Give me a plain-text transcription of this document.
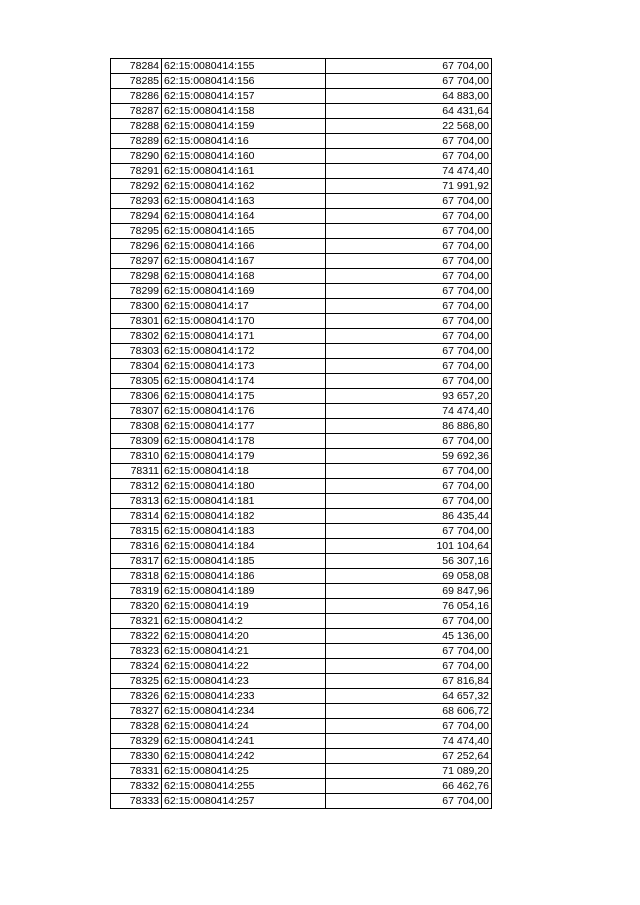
78284	62:15:0080414:155	67 704,00
78285	62:15:0080414:156	67 704,00
78286	62:15:0080414:157	64 883,00
78287	62:15:0080414:158	64 431,64
78288	62:15:0080414:159	22 568,00
78289	62:15:0080414:16	67 704,00
78290	62:15:0080414:160	67 704,00
78291	62:15:0080414:161	74 474,40
78292	62:15:0080414:162	71 991,92
78293	62:15:0080414:163	67 704,00
78294	62:15:0080414:164	67 704,00
78295	62:15:0080414:165	67 704,00
78296	62:15:0080414:166	67 704,00
78297	62:15:0080414:167	67 704,00
78298	62:15:0080414:168	67 704,00
78299	62:15:0080414:169	67 704,00
78300	62:15:0080414:17	67 704,00
78301	62:15:0080414:170	67 704,00
78302	62:15:0080414:171	67 704,00
78303	62:15:0080414:172	67 704,00
78304	62:15:0080414:173	67 704,00
78305	62:15:0080414:174	67 704,00
78306	62:15:0080414:175	93 657,20
78307	62:15:0080414:176	74 474,40
78308	62:15:0080414:177	86 886,80
78309	62:15:0080414:178	67 704,00
78310	62:15:0080414:179	59 692,36
78311	62:15:0080414:18	67 704,00
78312	62:15:0080414:180	67 704,00
78313	62:15:0080414:181	67 704,00
78314	62:15:0080414:182	86 435,44
78315	62:15:0080414:183	67 704,00
78316	62:15:0080414:184	101 104,64
78317	62:15:0080414:185	56 307,16
78318	62:15:0080414:186	69 058,08
78319	62:15:0080414:189	69 847,96
78320	62:15:0080414:19	76 054,16
78321	62:15:0080414:2	67 704,00
78322	62:15:0080414:20	45 136,00
78323	62:15:0080414:21	67 704,00
78324	62:15:0080414:22	67 704,00
78325	62:15:0080414:23	67 816,84
78326	62:15:0080414:233	64 657,32
78327	62:15:0080414:234	68 606,72
78328	62:15:0080414:24	67 704,00
78329	62:15:0080414:241	74 474,40
78330	62:15:0080414:242	67 252,64
78331	62:15:0080414:25	71 089,20
78332	62:15:0080414:255	66 462,76
78333	62:15:0080414:257	67 704,00
